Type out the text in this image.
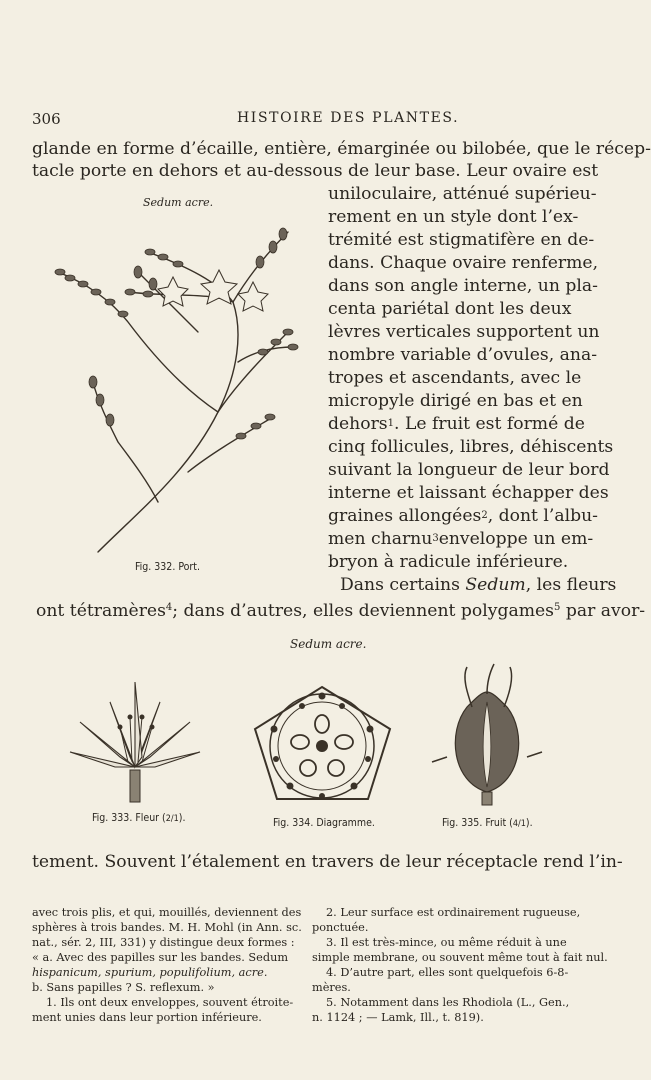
306	HISTOIRE DES PLANTES.
glande en forme d’écaille, entière, émarginée ou bilobée, que le récep-
tacle porte en dehors et au-dessous de leur base. Leur ovaire est
uniloculaire, atténué supérieu-
rement en un style dont l’ex-
trémité est stigmatifère en de-
dans. Chaque ovaire renferme,
dans son angle interne, un pla-
centa pariétal dont les deux
lèvres verticales supportent un
nombre variable d’ovules, ana-
tropes et ascendants, avec le
micropyle dirigé en bas et en
dehors 1 . Le fruit est formé de
cinq follicules, libres, déhiscents
suivant la longueur de leur bord
interne et laissant échapper des
graines allongées 2 , dont l’albu-
men charnu 3 enveloppe un em-
bryon à radicule inférieure.
Dans certains Sedum, les fleurs
ont tétramères$^4$; dans d’autres, elles deviennent polygames$^5$ par avor-
Sedum acre.
Fig. 332. Port.
Sedum acre.
Fig. 333. Fleur (2/1).	Fig. 334. Diagramme.	Fig. 335. Fruit (4/1).
tement. Souvent l’étalement en travers de leur réceptacle rend l’in-
avec trois plis, et qui, mouillés, deviennent des
sphères à trois bandes. M. H. Mohl (in Ann. sc.
nat., sér. 2, III, 331) y distingue deux formes :
« a. Avec des papilles sur les bandes. Sedum
hispanicum, spurium, populifolium, acre.
b. Sans papilles ? S. reflexum. »
1. Ils ont deux enveloppes, souvent étroite-
ment unies dans leur portion inférieure.
2. Leur surface est ordinairement rugueuse,
ponctuée.
3. Il est très-mince, ou même réduit à une
simple membrane, ou souvent même tout à fait nul.
4. D’autre part, elles sont quelquefois 6-8-
mères.
5. Notamment dans les Rhodiola (L., Gen.,
n. 1124 ; — Lamk, Ill., t. 819).
